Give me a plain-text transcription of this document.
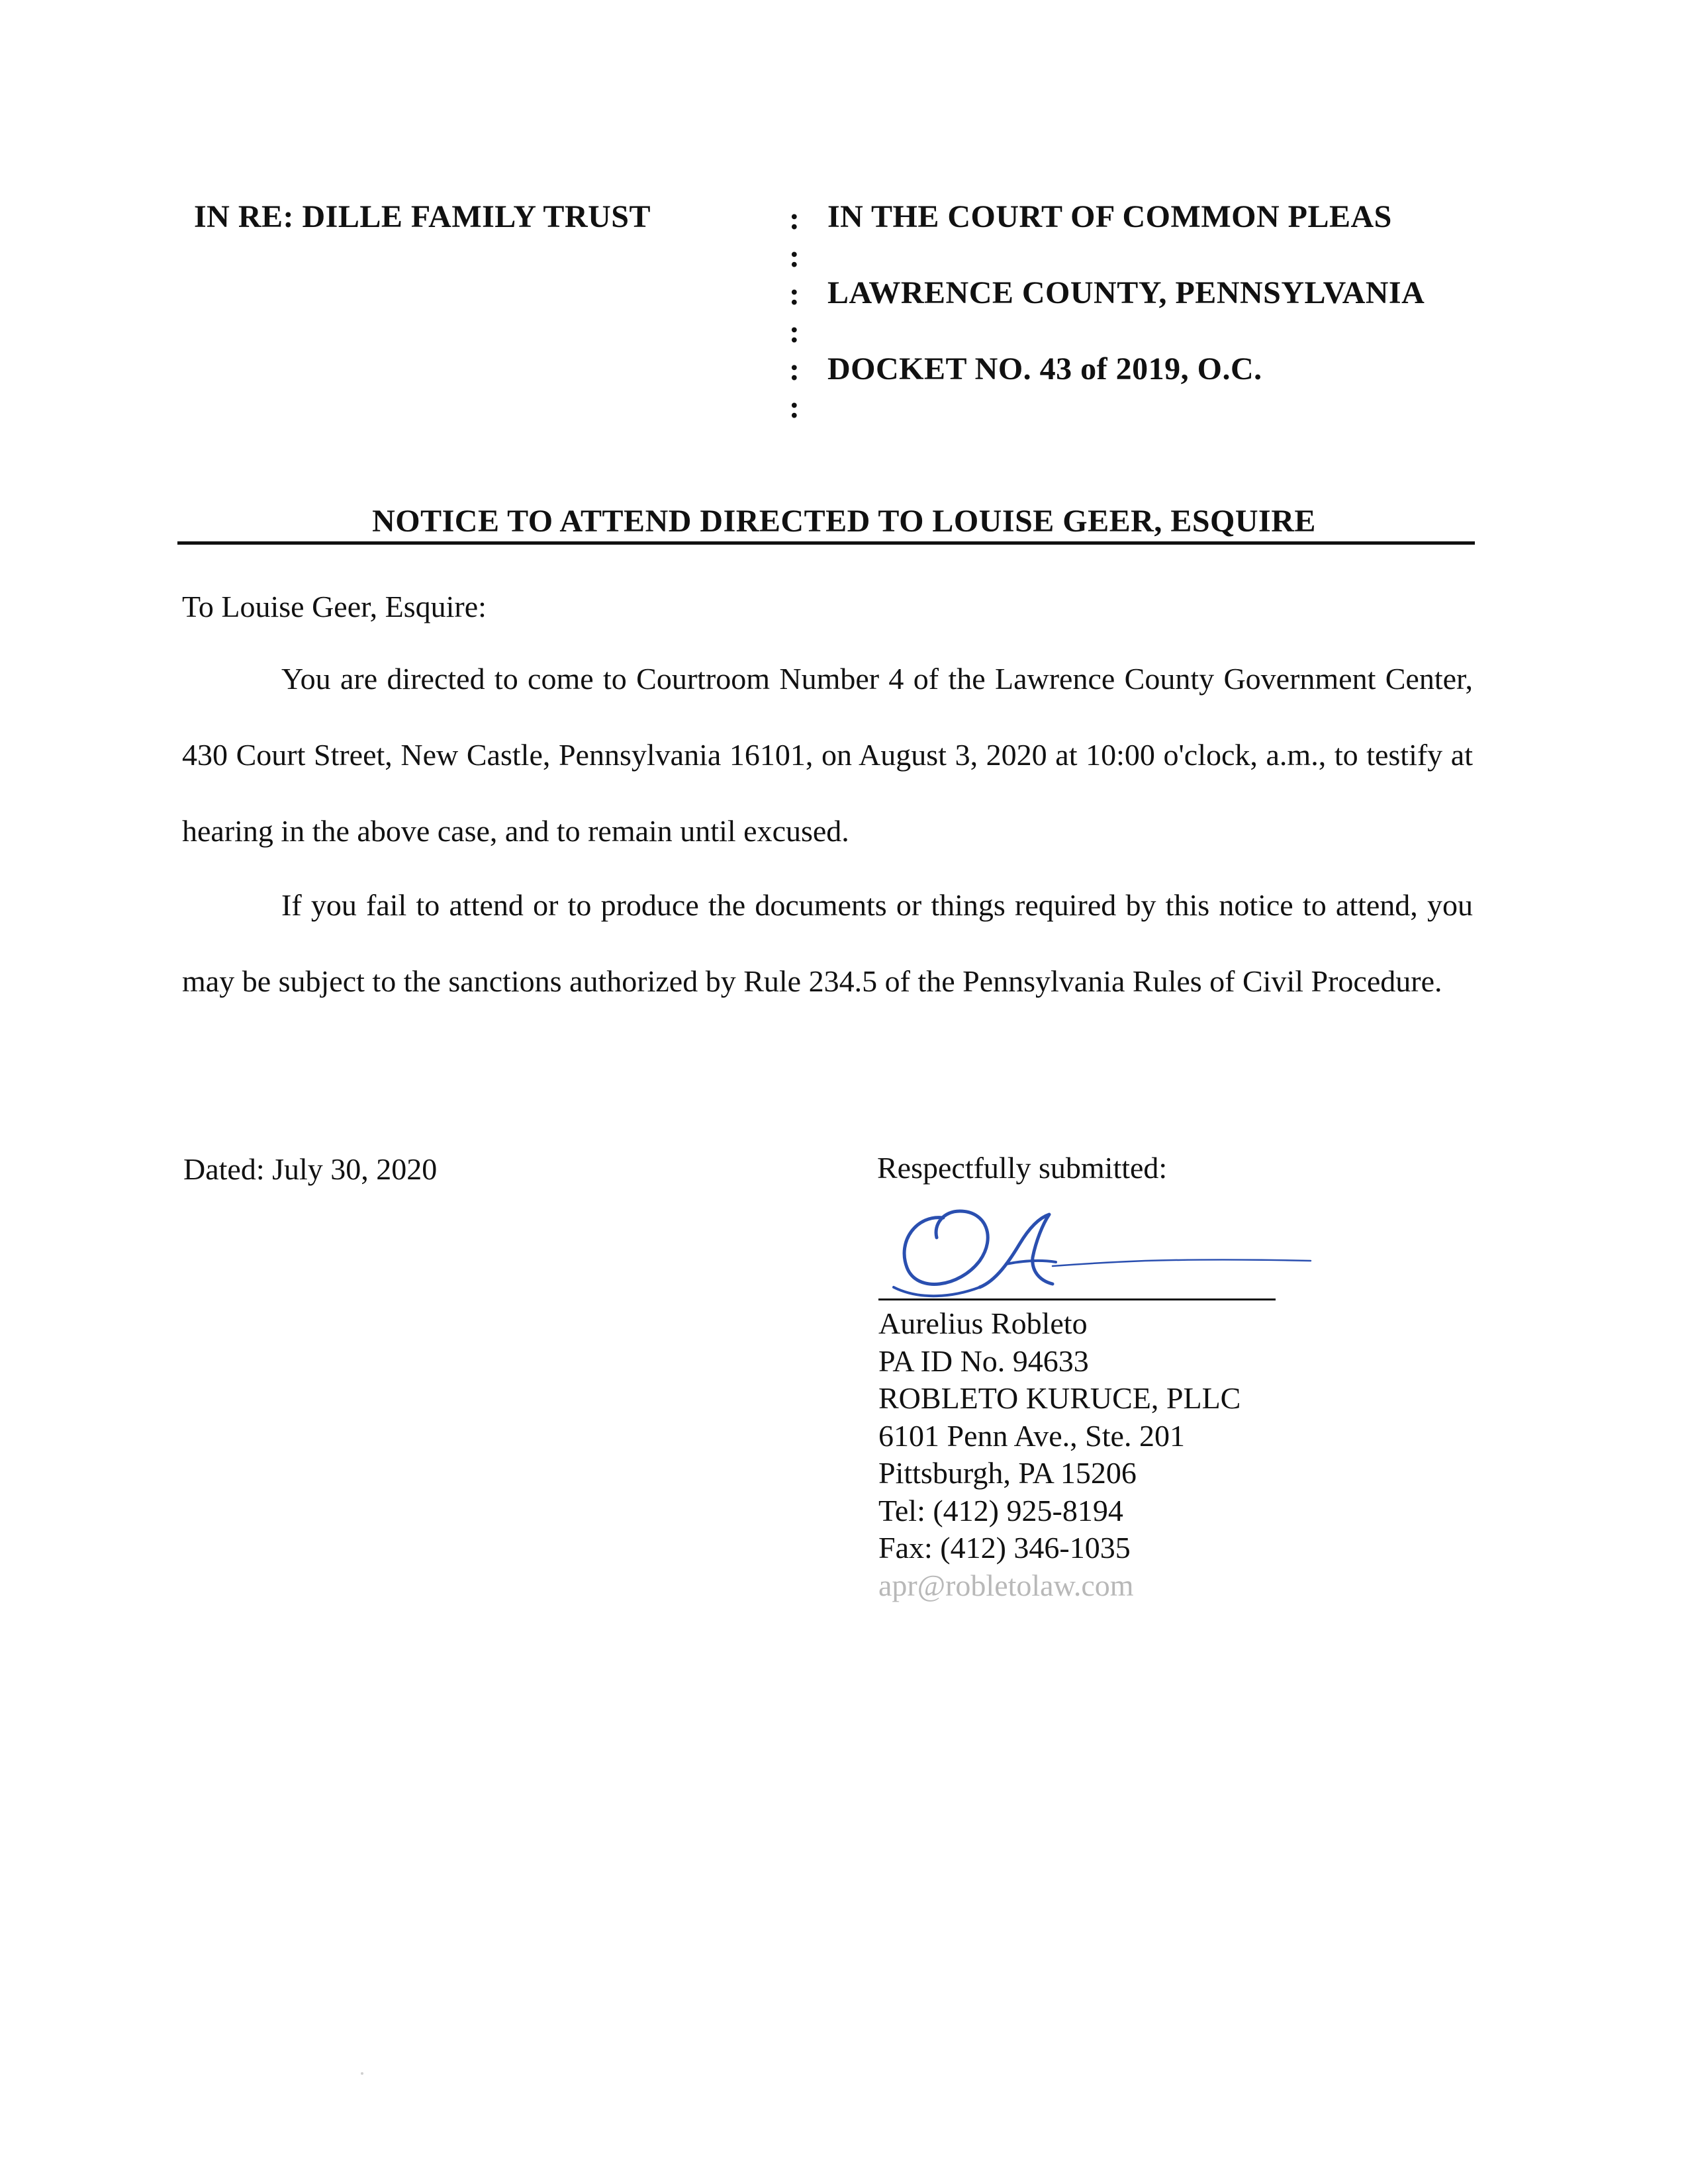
IN RE: DILLE FAMILY TRUST	:
:
:
:
:
:
IN THE COURT OF COMMON PLEAS
LAWRENCE COUNTY, PENNSYLVANIA
DOCKET NO. 43 of 2019, O.C.
NOTICE TO ATTEND DIRECTED TO LOUISE GEER, ESQUIRE
To Louise Geer, Esquire:

You are directed to come to Courtroom Number 4 of the Lawrence County Government Center, 430 Court Street, New Castle, Pennsylvania 16101, on August 3, 2020 at 10:00 o'clock, a.m., to testify at hearing in the above case, and to remain until excused.

If you fail to attend or to produce the documents or things required by this notice to attend, you may be subject to the sanctions authorized by Rule 234.5 of the Pennsylvania Rules of Civil Procedure.

Dated: July 30, 2020	Respectfully submitted:
Aurelius Robleto
PA ID No. 94633
ROBLETO KURUCE, PLLC
6101 Penn Ave., Ste. 201
Pittsburgh, PA 15206
Tel: (412) 925-8194
Fax: (412) 346-1035
apr@robletolaw.com
